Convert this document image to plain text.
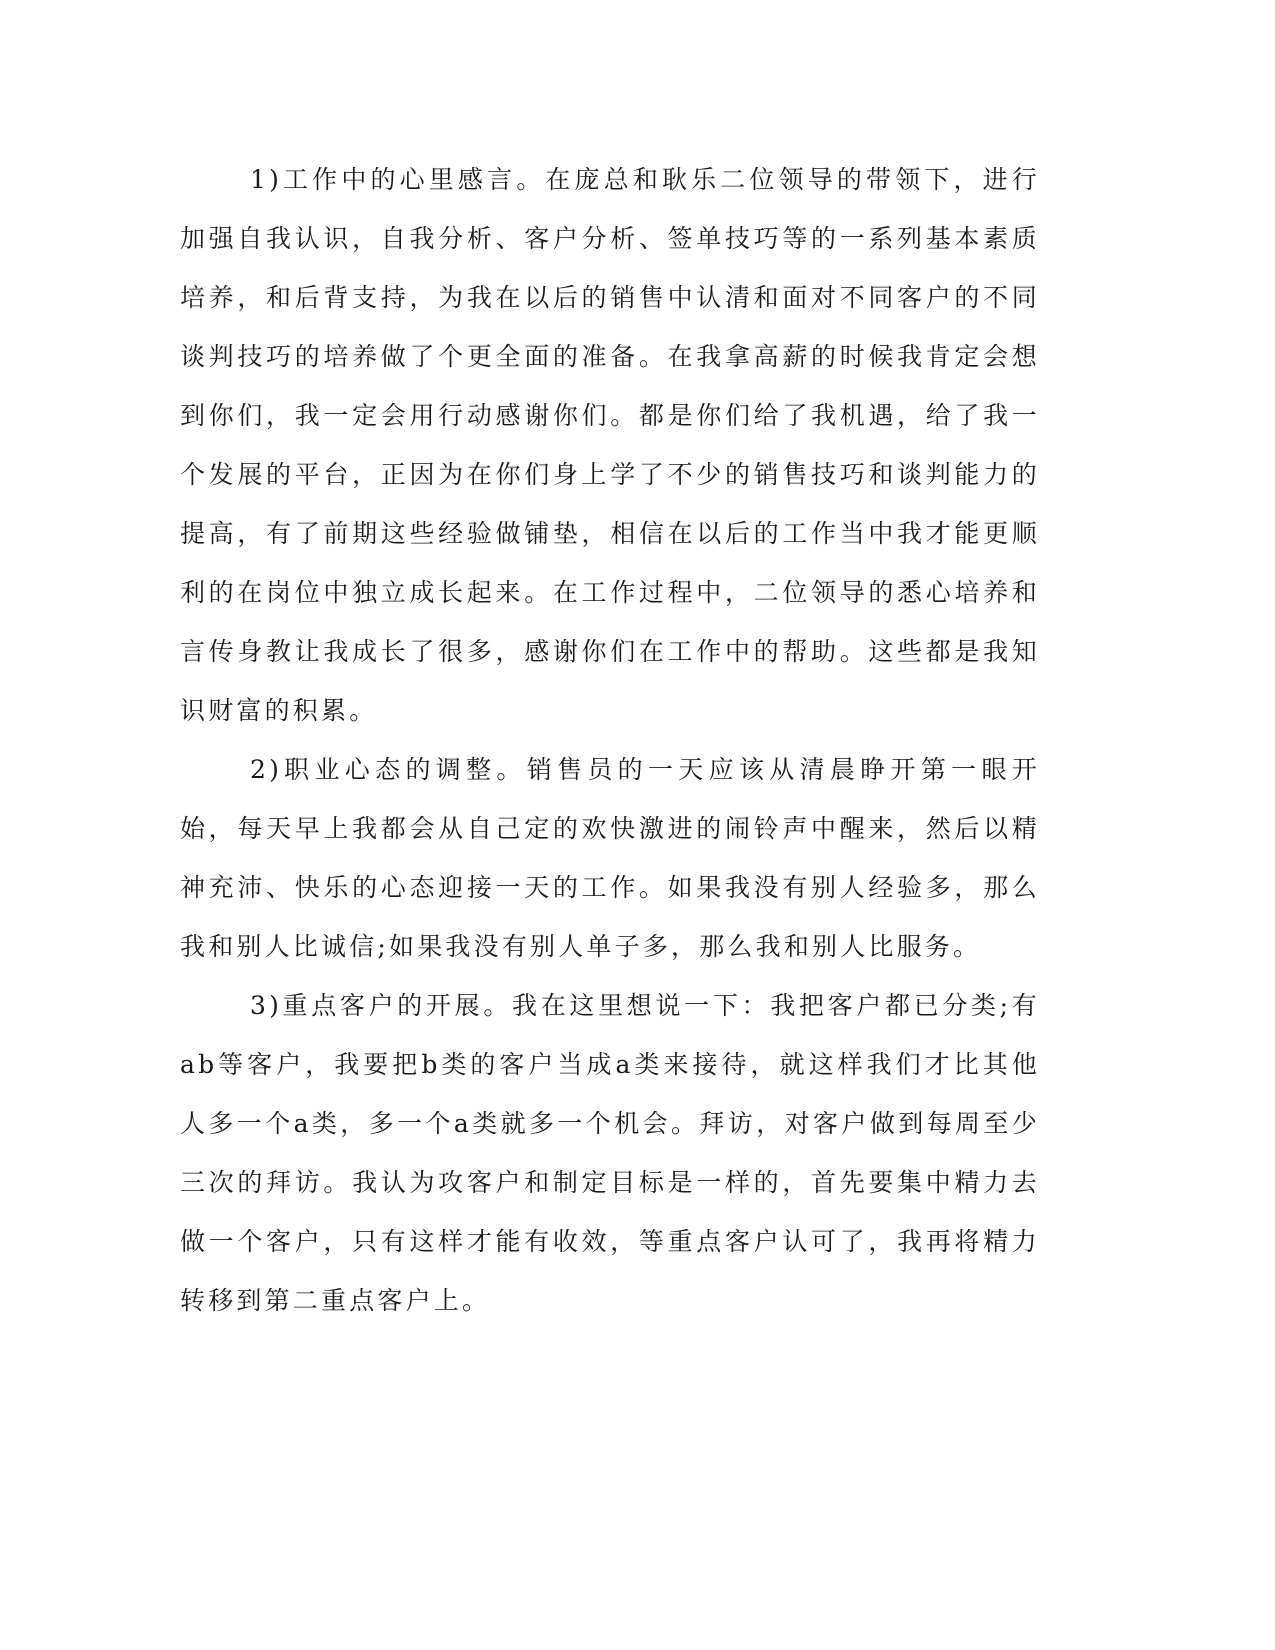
1)工作中的心里感言。在庞总和耿乐二位领导的带领下，进行加强自我认识，自我分析、客户分析、签单技巧等的一系列基本素质培养，和后背支持，为我在以后的销售中认清和面对不同客户的不同谈判技巧的培养做了个更全面的准备。在我拿高薪的时候我肯定会想到你们，我一定会用行动感谢你们。都是你们给了我机遇，给了我一个发展的平台，正因为在你们身上学了不少的销售技巧和谈判能力的提高，有了前期这些经验做铺垫，相信在以后的工作当中我才能更顺利的在岗位中独立成长起来。在工作过程中，二位领导的悉心培养和言传身教让我成长了很多，感谢你们在工作中的帮助。这些都是我知识财富的积累。

2)职业心态的调整。销售员的一天应该从清晨睁开第一眼开始，每天早上我都会从自己定的欢快激进的闹铃声中醒来，然后以精神充沛、快乐的心态迎接一天的工作。如果我没有别人经验多，那么我和别人比诚信;如果我没有别人单子多，那么我和别人比服务。

3)重点客户的开展。我在这里想说一下：我把客户都已分类;有ab等客户，我要把b类的客户当成a类来接待，就这样我们才比其他人多一个a类，多一个a类就多一个机会。拜访，对客户做到每周至少三次的拜访。我认为攻客户和制定目标是一样的，首先要集中精力去做一个客户，只有这样才能有收效，等重点客户认可了，我再将精力转移到第二重点客户上。
